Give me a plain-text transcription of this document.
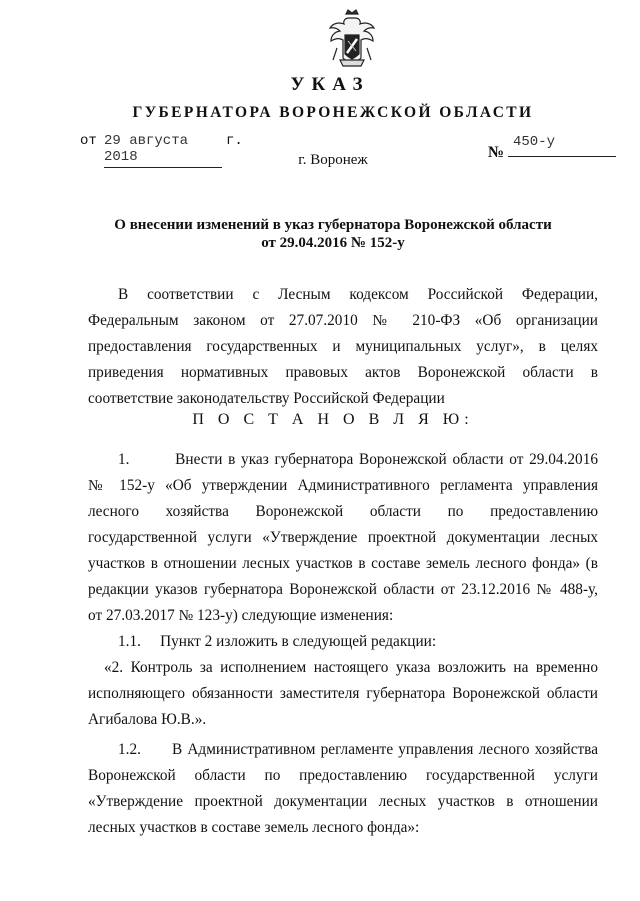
УКАЗ
ГУБЕРНАТОРА ВОРОНЕЖСКОЙ ОБЛАСТИ
от 29 августа 2018
г.	450-у
№
г. Воронеж
О внесении изменений в указ губернатора Воронежской области
от 29.04.2016 № 152-у
В соответствии с Лесным кодексом Российской Федерации,
Федеральным законом от 27.07.2010 № 210-ФЗ «Об организации
предоставления государственных и муниципальных услуг», в целях
приведения нормативных правовых актов Воронежской области в
соответствие законодательству Российской Федерации
П О С Т А Н О В Л Я Ю:
1.        Внести в указ губернатора Воронежской области от 29.04.2016
№ 152-у «Об утверждении Административного регламента управления
лесного хозяйства Воронежской области по предоставлению
государственной услуги «Утверждение проектной документации лесных
участков в отношении лесных участков в составе земель лесного фонда» (в
редакции указов губернатора Воронежской области от 23.12.2016 № 488-у,
от 27.03.2017 № 123-у) следующие изменения:
1.1.     Пункт 2 изложить в следующей редакции:
«2. Контроль за исполнением настоящего указа возложить на временно
исполняющего обязанности заместителя губернатора Воронежской области
Агибалова Ю.В.».
1.2.      В Административном регламенте управления лесного хозяйства
Воронежской области по предоставлению государственной услуги
«Утверждение проектной документации лесных участков в отношении
лесных участков в составе земель лесного фонда»:
